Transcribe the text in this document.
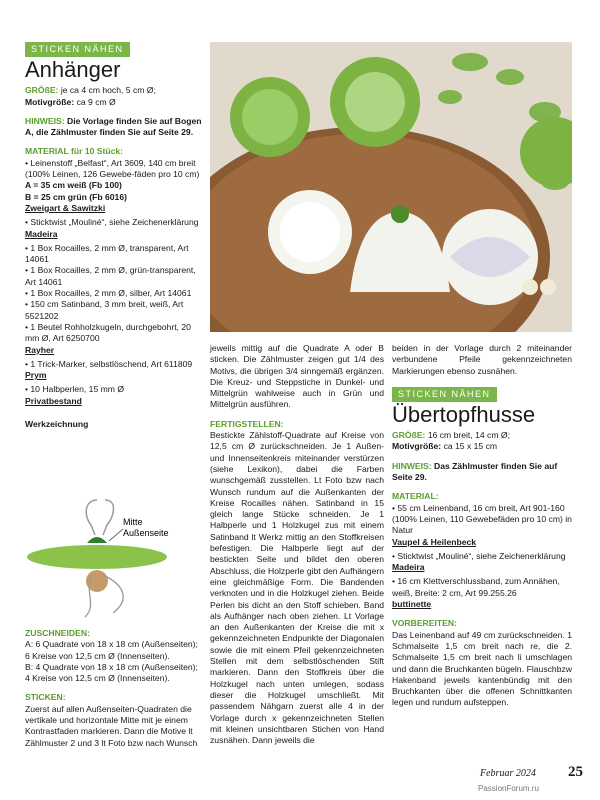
STICKEN NÄHEN
Anhänger

GRÖßE: je ca 4 cm hoch, 5 cm Ø;

Motivgröße: ca 9 cm Ø

HINWEIS: Die Vorlage finden Sie auf Bogen A, die Zählmuster finden Sie auf Seite 29.

MATERIAL für 10 Stück:

• Leinenstoff „Belfast“, Art 3609, 140 cm breit (100% Leinen, 126 Gewebe-fäden pro 10 cm)

A = 35 cm weiß (Fb 100)

B = 25 cm grün (Fb 6016)

Zweigart & Sawitzki

• Sticktwist „Mouliné“, siehe Zeichenerklärung

Madeira

• 1 Box Rocailles, 2 mm Ø, transparent, Art 14061

• 1 Box Rocailles, 2 mm Ø, grün-transparent, Art 14061

• 1 Box Rocailles, 2 mm Ø, silber, Art 14061

• 150 cm Satinband, 3 mm breit, weiß, Art 5521202

• 1 Beutel Rohholzkugeln, durchgebohrt, 20 mm Ø, Art 6250700

Rayher

• 1 Trick-Marker, selbstlöschend, Art 611809

Prym

• 10 Halbperlen, 15 mm Ø

Privatbestand

Werkzeichnung

Mitte Außenseite

ZUSCHNEIDEN:

A: 6 Quadrate von 18 x 18 cm (Außenseiten); 6 Kreise von 12,5 cm Ø (Innenseiten).

B: 4 Quadrate von 18 x 18 cm (Außenseiten); 4 Kreise von 12,5 cm Ø (Innenseiten).

STICKEN:

Zuerst auf allen Außenseiten-Quadraten die vertikale und horizontale Mitte mit je einem Kontrastfaden markieren. Dann die Motive lt Zählmuster 2 und 3 lt Foto bzw nach Wunsch

jeweils mittig auf die Quadrate A oder B sticken. Die Zählmuster zeigen gut 1/4 des Motivs, die übrigen 3/4 sinngemäß ergänzen. Die Kreuz- und Steppstiche in Dunkel- und Mittelgrün wahlweise auch in Grün und Mittelgrün ausführen.

FERTIGSTELLEN:

Bestickte Zählstoff-Quadrate auf Kreise von 12,5 cm Ø zurückschneiden. Je 1 Außen- und Innenseitenkreis miteinander verstürzen (siehe Lexikon), dabei die Farben wunschgemäß zusstellen. Lt Foto bzw nach Wunsch rundum auf die Außenkanten der Kreise Rocailles nähen. Satinband in 15 gleich lange Stücke schneiden. Je 1 Halbperle und 1 Holzkugel zus mit einem Satinband lt Werkz mittig an den Stoffkreisen befestigen. Die Halbperle liegt auf der bestickten Seite und bildet den oberen Abschluss, die Holzperle gibt den Aufhängern eine gleichmäßige Form. Die Bandenden verknoten und in die Holzkugel ziehen. Beide Perlen bis dicht an den Stoff schieben. Band als Aufhänger nach oben ziehen. Lt Vorlage an den Außenkanten der Kreise die mit x gekennzeichneten Endpunkte der Diagonalen sowie die mit einem Pfeil gekennzeichneten Stellen mit dem selbstlöschenden Stift markieren. Dann den Stoffkreis über die Holzkugel nach unten umlegen, sodass dieser die Holzkugel umschließt. Mit passendem Nähgarn zuerst alle 4 in der Vorlage durch x gekennzeichneten Stellen mit kleinen unsichtbaren Stichen von Hand zusnähen. Dann jeweils die

beiden in der Vorlage durch 2 miteinander verbundene Pfeile gekennzeichneten Markierungen ebenso zusnähen.

STICKEN NÄHEN
Übertopfhusse

GRÖßE: 16 cm breit, 14 cm Ø;

Motivgröße: ca 15 x 15 cm

HINWEIS: Das Zählmuster finden Sie auf Seite 29.

MATERIAL:

• 55 cm Leinenband, 16 cm breit, Art 901-160 (100% Leinen, 110 Gewebefäden pro 10 cm) in Natur

Vaupel & Heilenbeck

• Sticktwist „Mouliné“, siehe Zeichenerklärung

Madeira

• 16 cm Klettverschlussband, zum Annähen, weiß, Breite: 2 cm, Art 99.255.26

buttinette

VORBEREITEN:

Das Leinenband auf 49 cm zurückschneiden. 1 Schmalseite 1,5 cm breit nach re, die 2. Schmalseite 1,5 cm breit nach li umschlagen und dann die Bruchkanten bügeln. Flauschbzw Hakenband jeweils kantenbündig mit den Bruchkanten über die offenen Schnittkanten legen und rundum aufsteppen.

Februar 2024 25
PassionForum.ru
